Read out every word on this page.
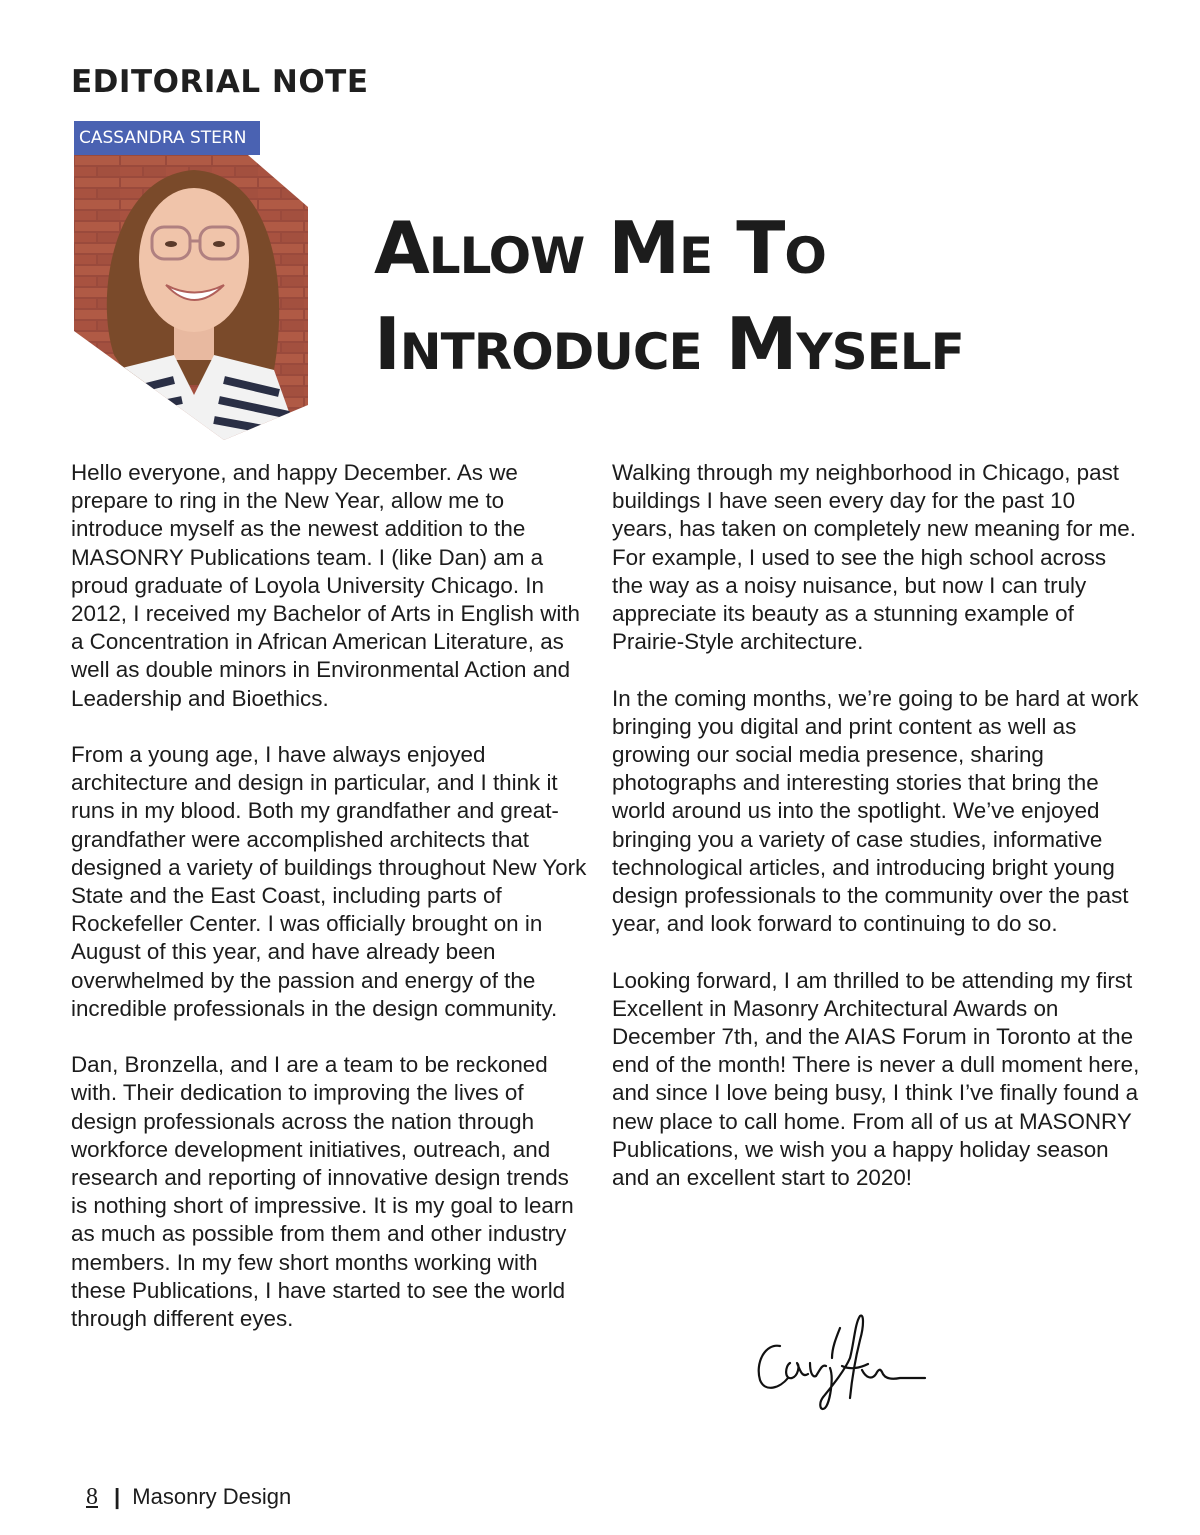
EDITORIAL NOTE
CASSANDRA STERN
Allow Me To
Introduce Myself

Hello everyone, and happy December. As we prepare to ring in the New Year, allow me to introduce myself as the newest addition to the MASONRY Publications team. I (like Dan) am a proud graduate of Loyola University Chicago. In 2012, I received my Bachelor of Arts in English with a Concentration in African American Literature, as well as double minors in Environmental Action and Leadership and Bioethics.

From a young age, I have always enjoyed architecture and design in particular, and I think it runs in my blood. Both my grandfather and great-grandfather were accomplished architects that designed a variety of buildings throughout New York State and the East Coast, including parts of Rockefeller Center. I was officially brought on in August of this year, and have already been overwhelmed by the passion and energy of the incredible professionals in the design community.

Dan, Bronzella, and I are a team to be reckoned with. Their dedication to improving the lives of design professionals across the nation through workforce development initiatives, outreach, and research and reporting of innovative design trends is nothing short of impressive. It is my goal to learn as much as possible from them and other industry members. In my few short months working with these Publications, I have started to see the world through different eyes.

Walking through my neighborhood in Chicago, past buildings I have seen every day for the past 10 years, has taken on completely new meaning for me. For example, I used to see the high school across the way as a noisy nuisance, but now I can truly appreciate its beauty as a stunning example of Prairie-Style architecture.

In the coming months, we’re going to be hard at work bringing you digital and print content as well as growing our social media presence, sharing photographs and interesting stories that bring the world around us into the spotlight. We’ve enjoyed bringing you a variety of case studies, informative technological articles, and introducing bright young design professionals to the community over the past year, and look forward to continuing to do so.

Looking forward, I am thrilled to be attending my first Excellent in Masonry Architectural Awards on December 7th, and the AIAS Forum in Toronto at the end of the month! There is never a dull moment here, and since I love being busy, I think I’ve finally found a new place to call home. From all of us at MASONRY Publications, we wish you a happy holiday season and an excellent start to 2020!

8 | Masonry Design
